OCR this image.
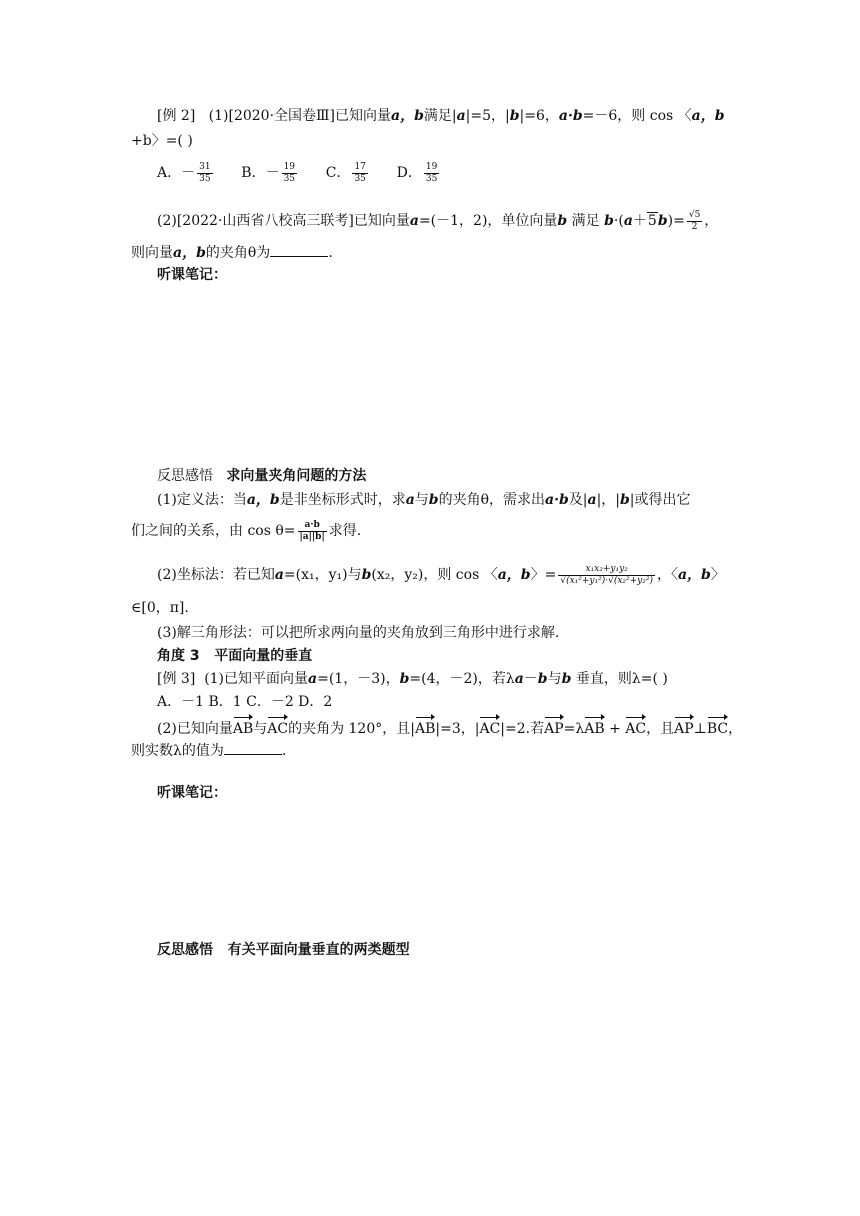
[例 2] (1)[2020·全国卷Ⅲ]已知向量a，b满足|a|=5，|b|=6，a·b=－6，则 cos 〈a，b
+b〉=( )
A．－ $\frac{31}{35}$ B．－ $\frac{19}{35}$ C． $\frac{17}{35}$ D． $\frac{19}{35}$
(2)[2022·山西省八校高三联考]已知向量a=(－1，2)，单位向量b 满足 $b\cdot(a+5b)= \frac{√5}{2}$ ，
则向量a，b的夹角θ为	.
听课笔记：
反思感悟 求向量夹角问题的方法
(1)定义法：当a，b是非坐标形式时，求a与b的夹角θ，需求出a·b及|a|，|b|或得出它
们之间的关系，由 $\cos \theta= \frac{a\cdot b}{|a||b|}$ 求得.
(2)坐标法：若已知a=(x₁，y₁)与b(x₂，y₂)，则 cos 〈a，b〉= $\frac{\text{x₁x₂+y₁y₂}}{\text{√(x₁²+y₁²)·√(x₂²+y₂²)}}$ ，〈a，b〉
∈[0，π].
(3)解三角形法：可以把所求两向量的夹角放到三角形中进行求解.
角度 3 平面向量的垂直
[例 3] (1)已知平面向量a=(1，－3)，b=(4，－2)，若λa－b与b 垂直，则λ=( )
A．－1 B．1 C．－2 D．2
(2)已知向量AB与AC的夹角为 120°，且|AB|=3，|AC|=2.若AP=λAB + AC，且AP⊥BC，
则实数λ的值为	.
听课笔记：
反思感悟 有关平面向量垂直的两类题型
